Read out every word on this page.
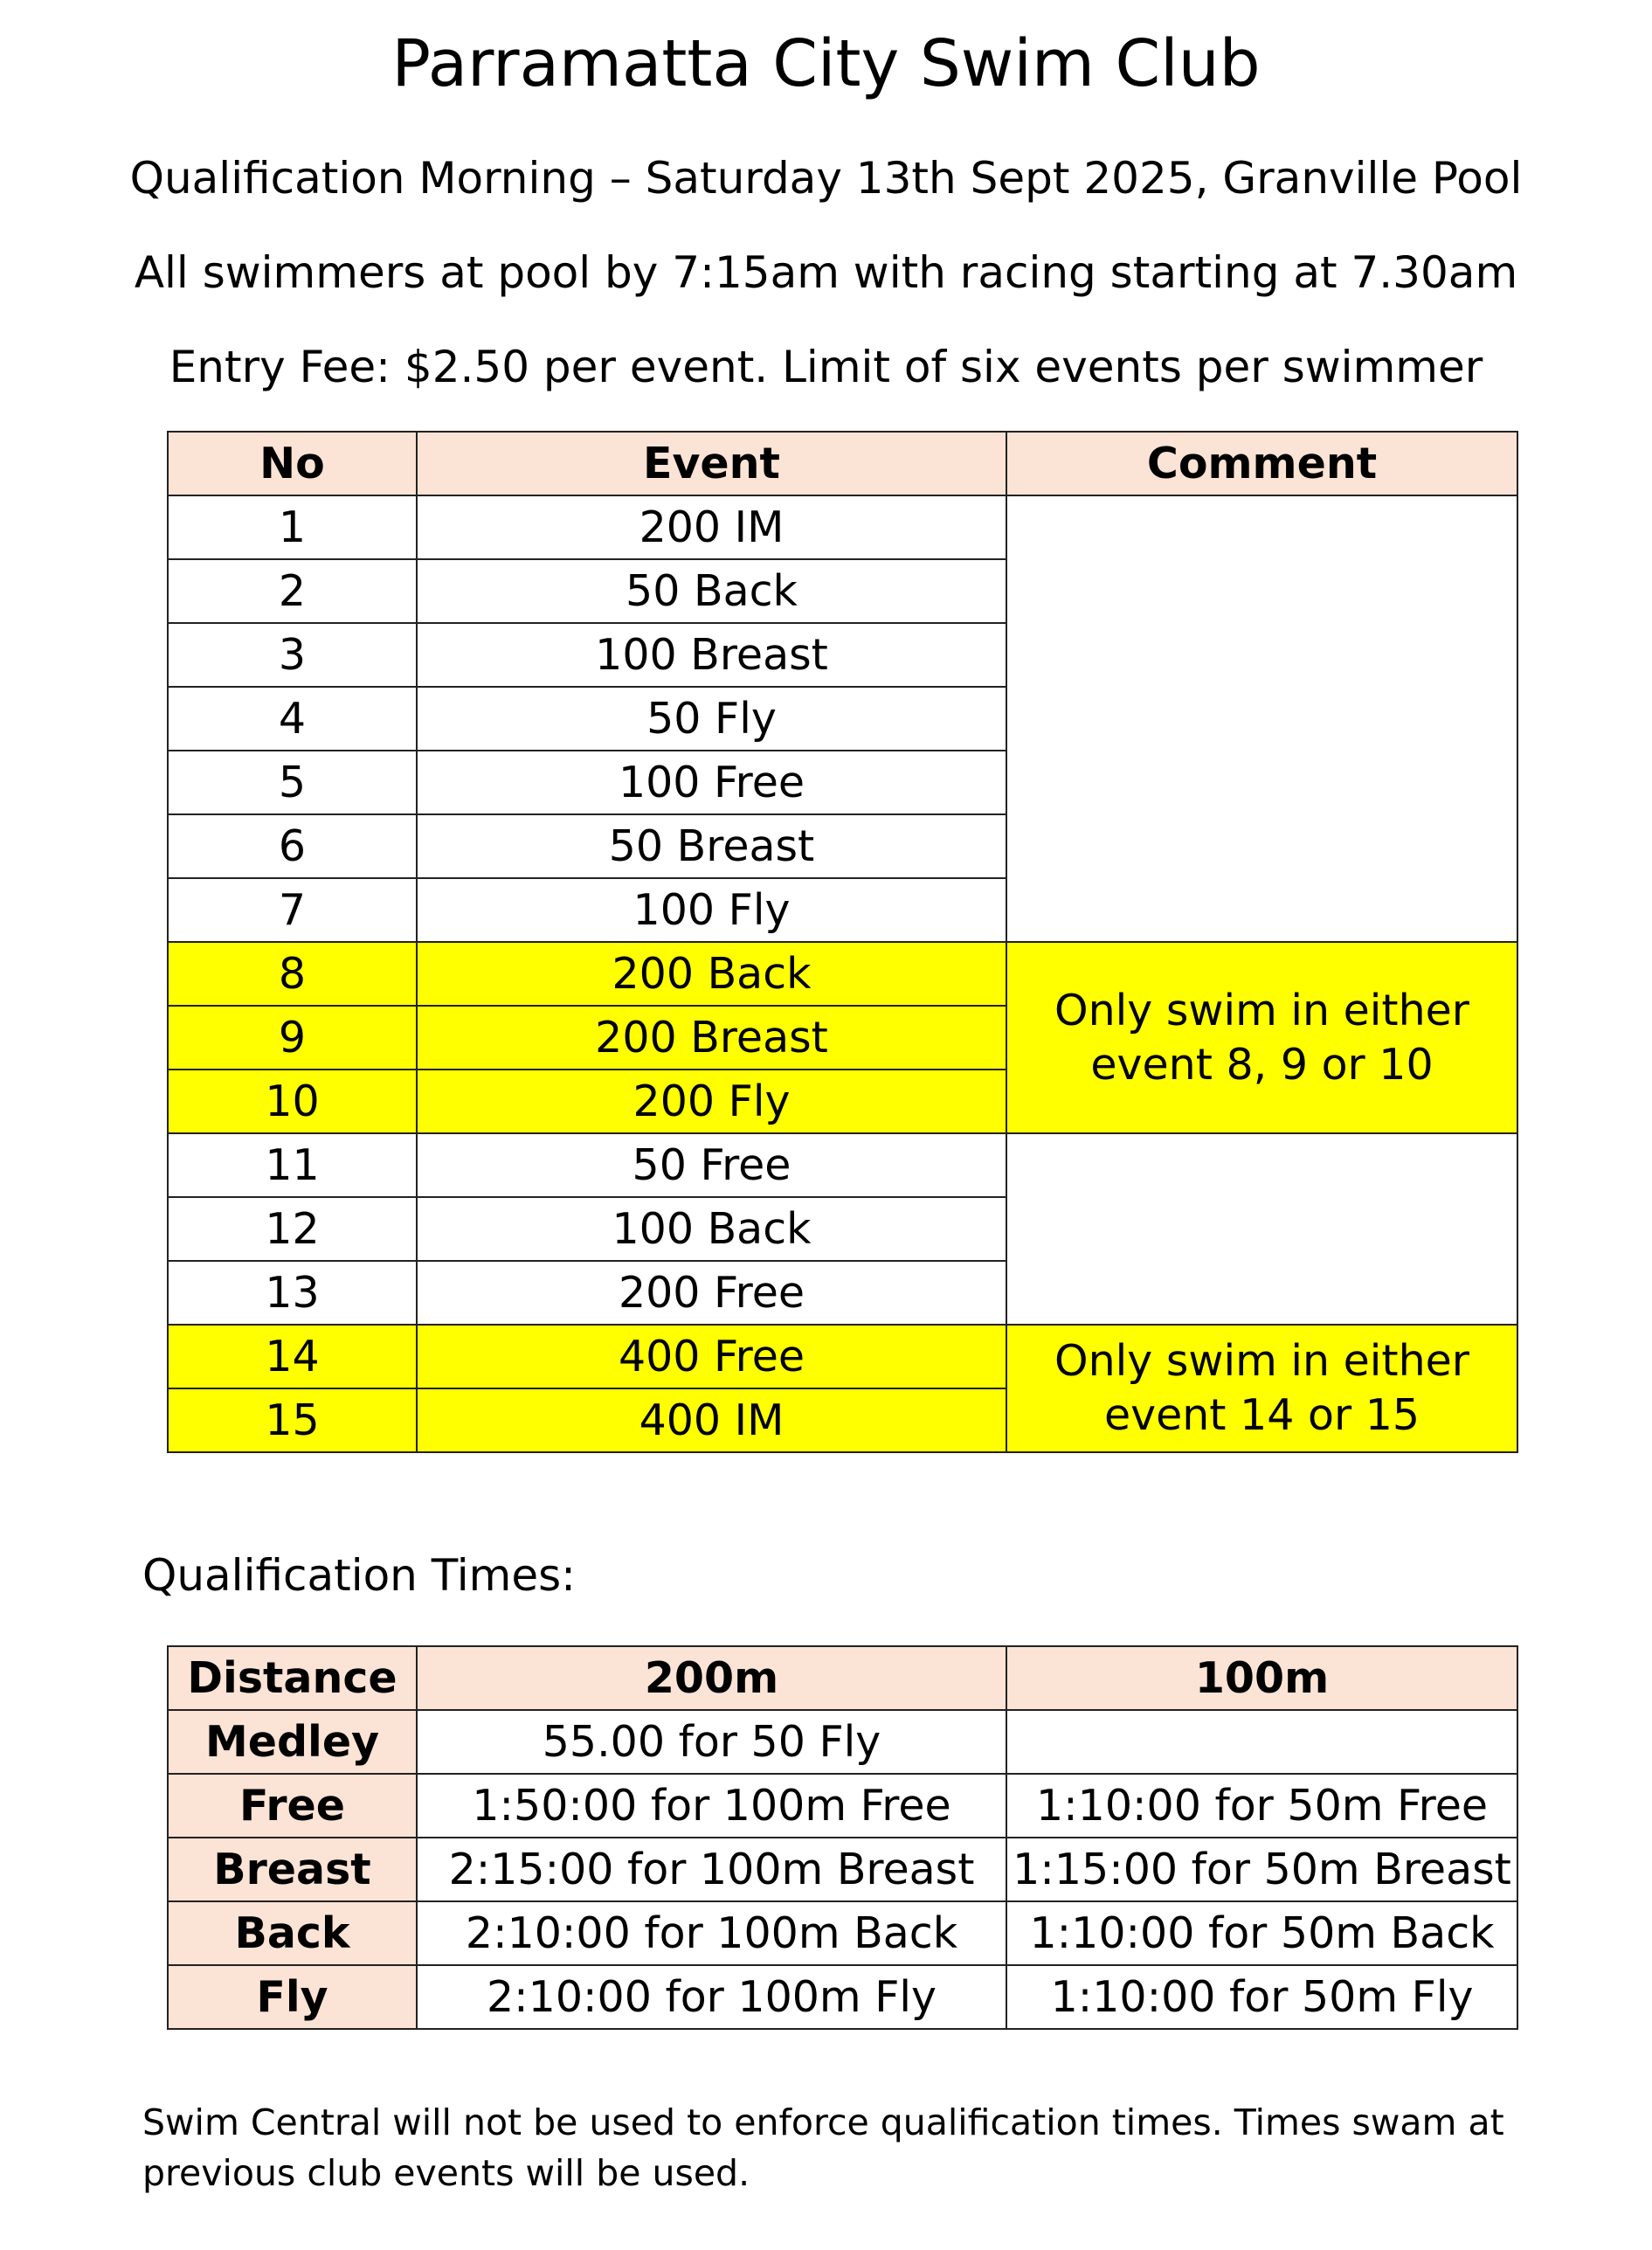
Parramatta City Swim Club

Qualification Morning – Saturday 13th Sept 2025, Granville Pool

All swimmers at pool by 7:15am with racing starting at 7.30am

Entry Fee: $2.50 per event. Limit of six events per swimmer

No	Event	Comment
1	200 IM	
2	50 Back	
3	100 Breast	
4	50 Fly	
5	100 Free	
6	50 Breast	
7	100 Fly	
8	200 Back	Only swim in either
event 8, 9 or 10
9	200 Breast	
10	200 Fly	
11	50 Free	
12	100 Back	
13	200 Free	
14	400 Free	Only swim in either
event 14 or 15
15	400 IM	

Qualification Times:

Distance	200m	100m
Medley	55.00 for 50 Fly	
Free	1:50:00 for 100m Free	1:10:00 for 50m Free
Breast	2:15:00 for 100m Breast	1:15:00 for 50m Breast
Back	2:10:00 for 100m Back	1:10:00 for 50m Back
Fly	2:10:00 for 100m Fly	1:10:00 for 50m Fly

Swim Central will not be used to enforce qualification times. Times swam at previous club events will be used.
